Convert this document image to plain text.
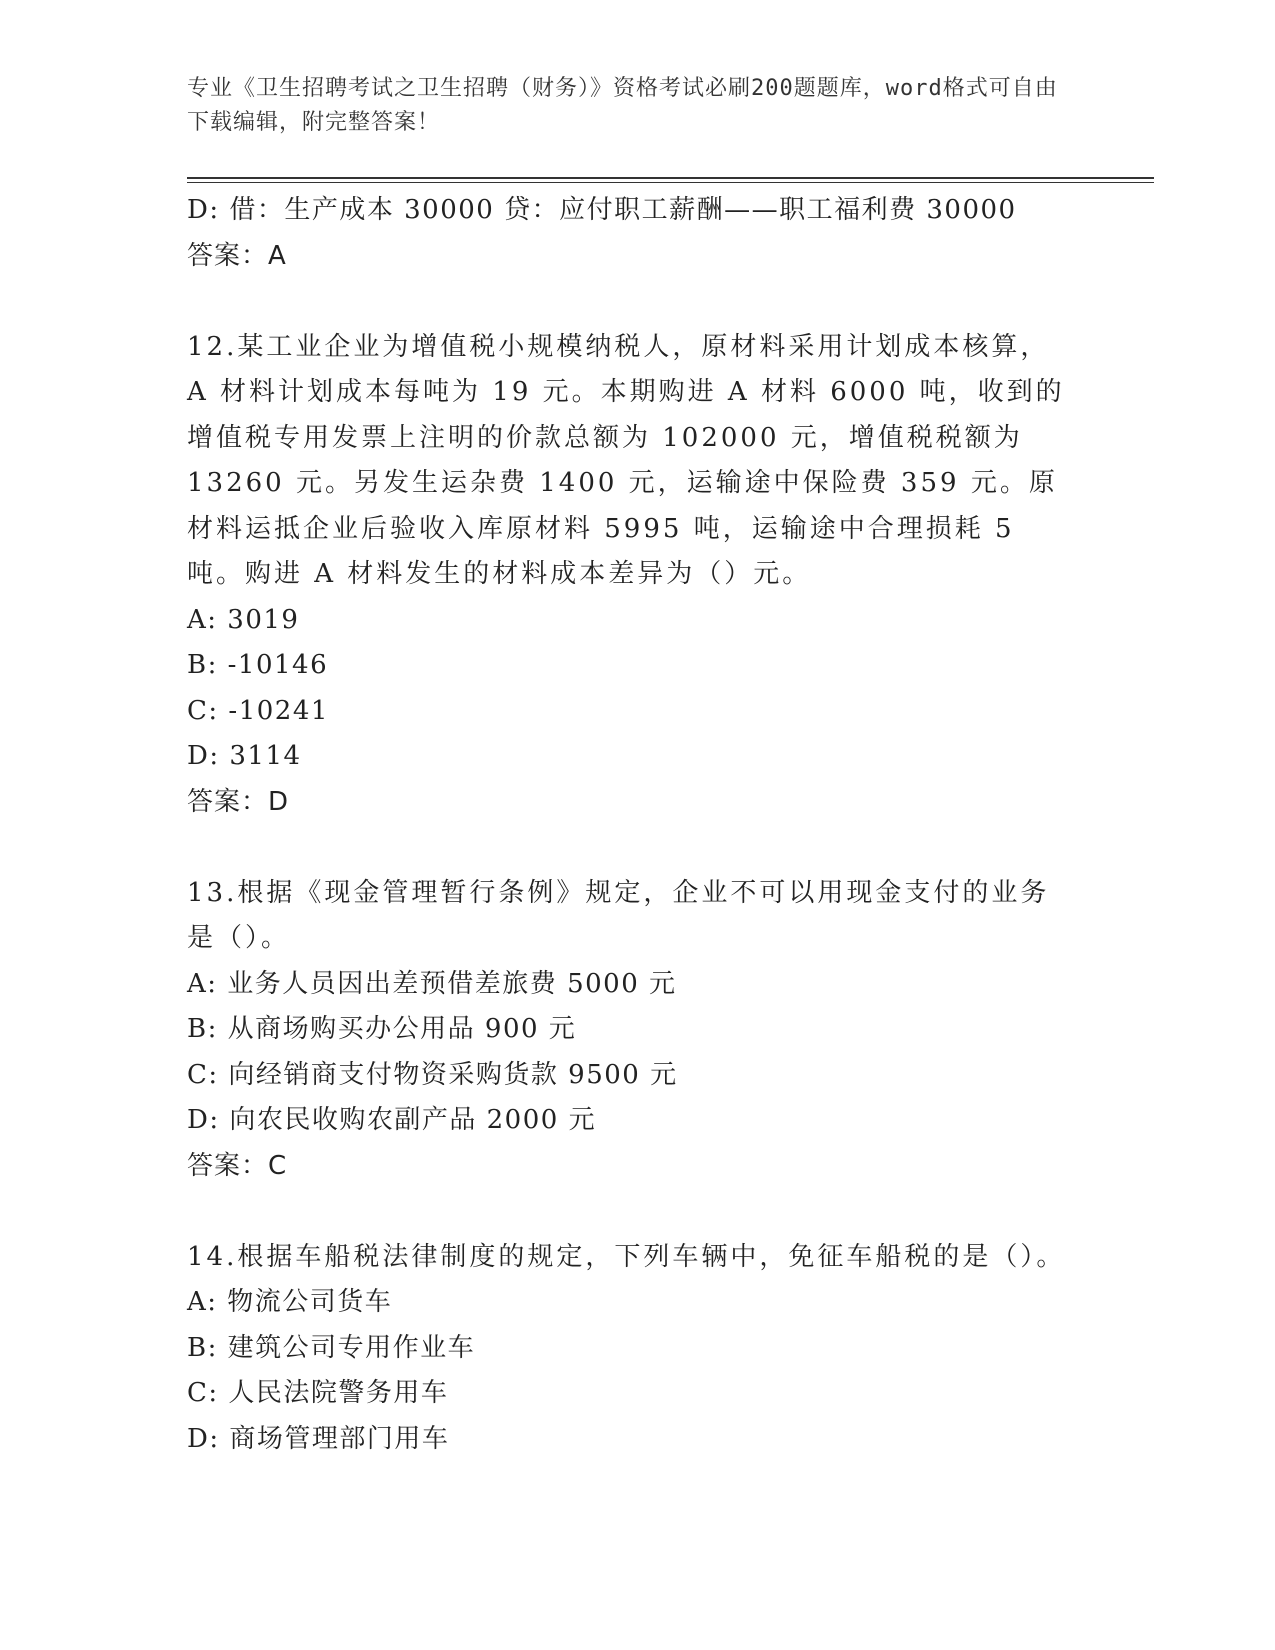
专业《卫生招聘考试之卫生招聘（财务）》资格考试必刷200题题库，word格式可自由下载编辑，附完整答案！
D: 借：生产成本 30000 贷：应付职工薪酬——职工福利费 30000
答案：A
12.某工业企业为增值税小规模纳税人，原材料采用计划成本核算，A 材料计划成本每吨为 19 元。本期购进 A 材料 6000 吨，收到的增值税专用发票上注明的价款总额为 102000 元，增值税税额为 13260 元。另发生运杂费 1400 元，运输途中保险费 359 元。原材料运抵企业后验收入库原材料 5995 吨，运输途中合理损耗 5 吨。购进 A 材料发生的材料成本差异为（）元。
A: 3019
B: -10146
C: -10241
D: 3114
答案：D
13.根据《现金管理暂行条例》规定，企业不可以用现金支付的业务是（）。
A: 业务人员因出差预借差旅费 5000 元
B: 从商场购买办公用品 900 元
C: 向经销商支付物资采购货款 9500 元
D: 向农民收购农副产品 2000 元
答案：C
14.根据车船税法律制度的规定，下列车辆中，免征车船税的是（）。
A: 物流公司货车
B: 建筑公司专用作业车
C: 人民法院警务用车
D: 商场管理部门用车
